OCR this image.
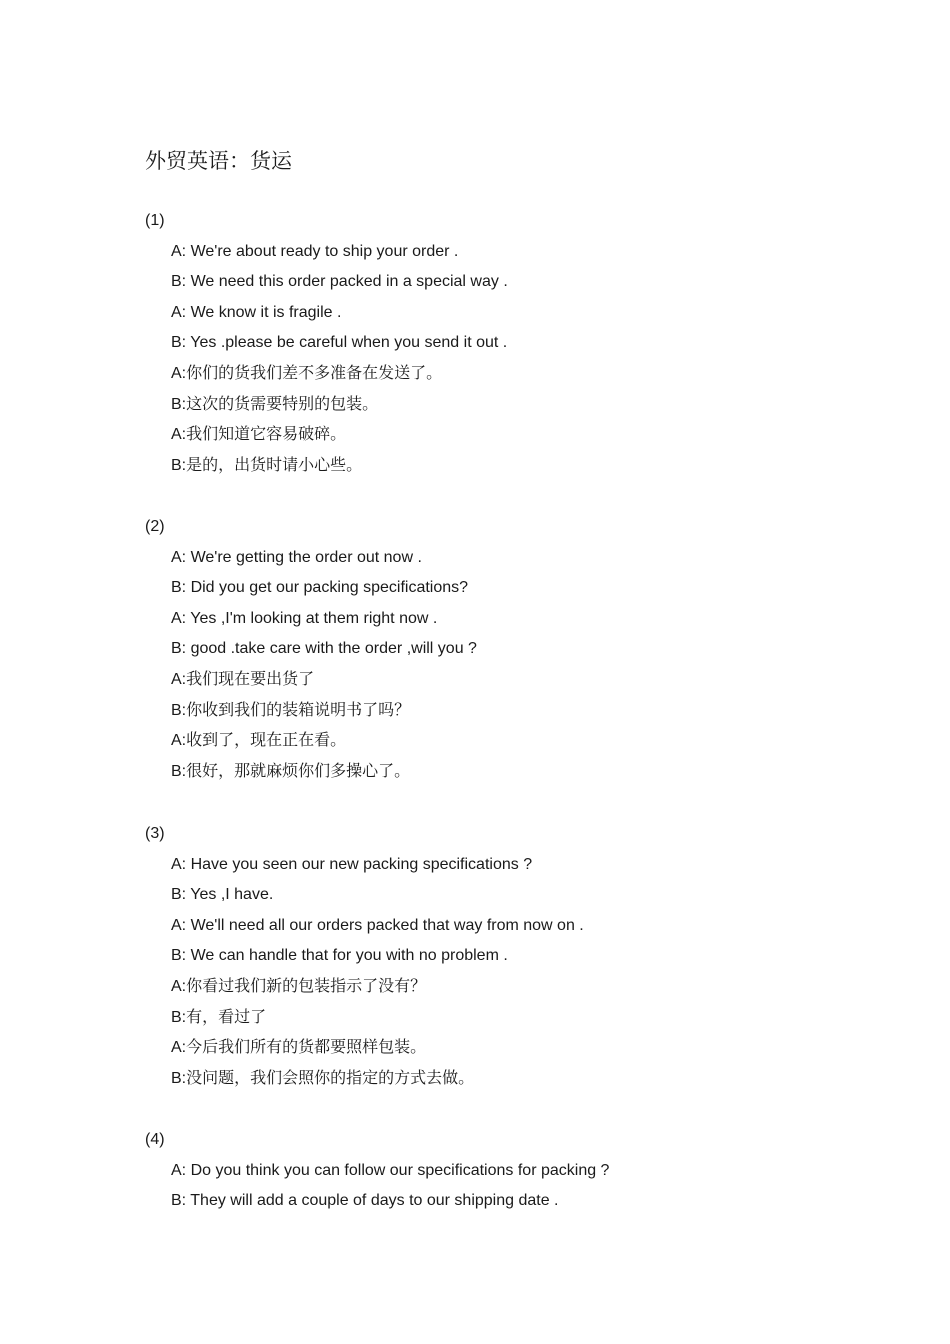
外贸英语：货运
(1)
A: We're about ready to ship your order .
B: We need this order packed in a special way .
A: We know it is fragile .
B: Yes .please be careful when you send it out .
A:你们的货我们差不多准备在发送了。
B:这次的货需要特别的包装。
A:我们知道它容易破碎。
B:是的，出货时请小心些。
(2)
A: We're getting the order out now .
B: Did you get our packing specifications?
A: Yes ,I'm looking at them right now .
B: good .take care with the order ,will you ?
A:我们现在要出货了
B:你收到我们的装箱说明书了吗？
A:收到了，现在正在看。
B:很好，那就麻烦你们多操心了。
(3)
A: Have you seen our new packing specifications ?
B: Yes ,I have.
A: We'll need all our orders packed that way from now on .
B: We can handle that for you with no problem .
A:你看过我们新的包装指示了没有？
B:有，看过了
A:今后我们所有的货都要照样包装。
B:没问题，我们会照你的指定的方式去做。
(4)
A: Do you think you can follow our specifications for packing ?
B: They will add a couple of days to our shipping date .
